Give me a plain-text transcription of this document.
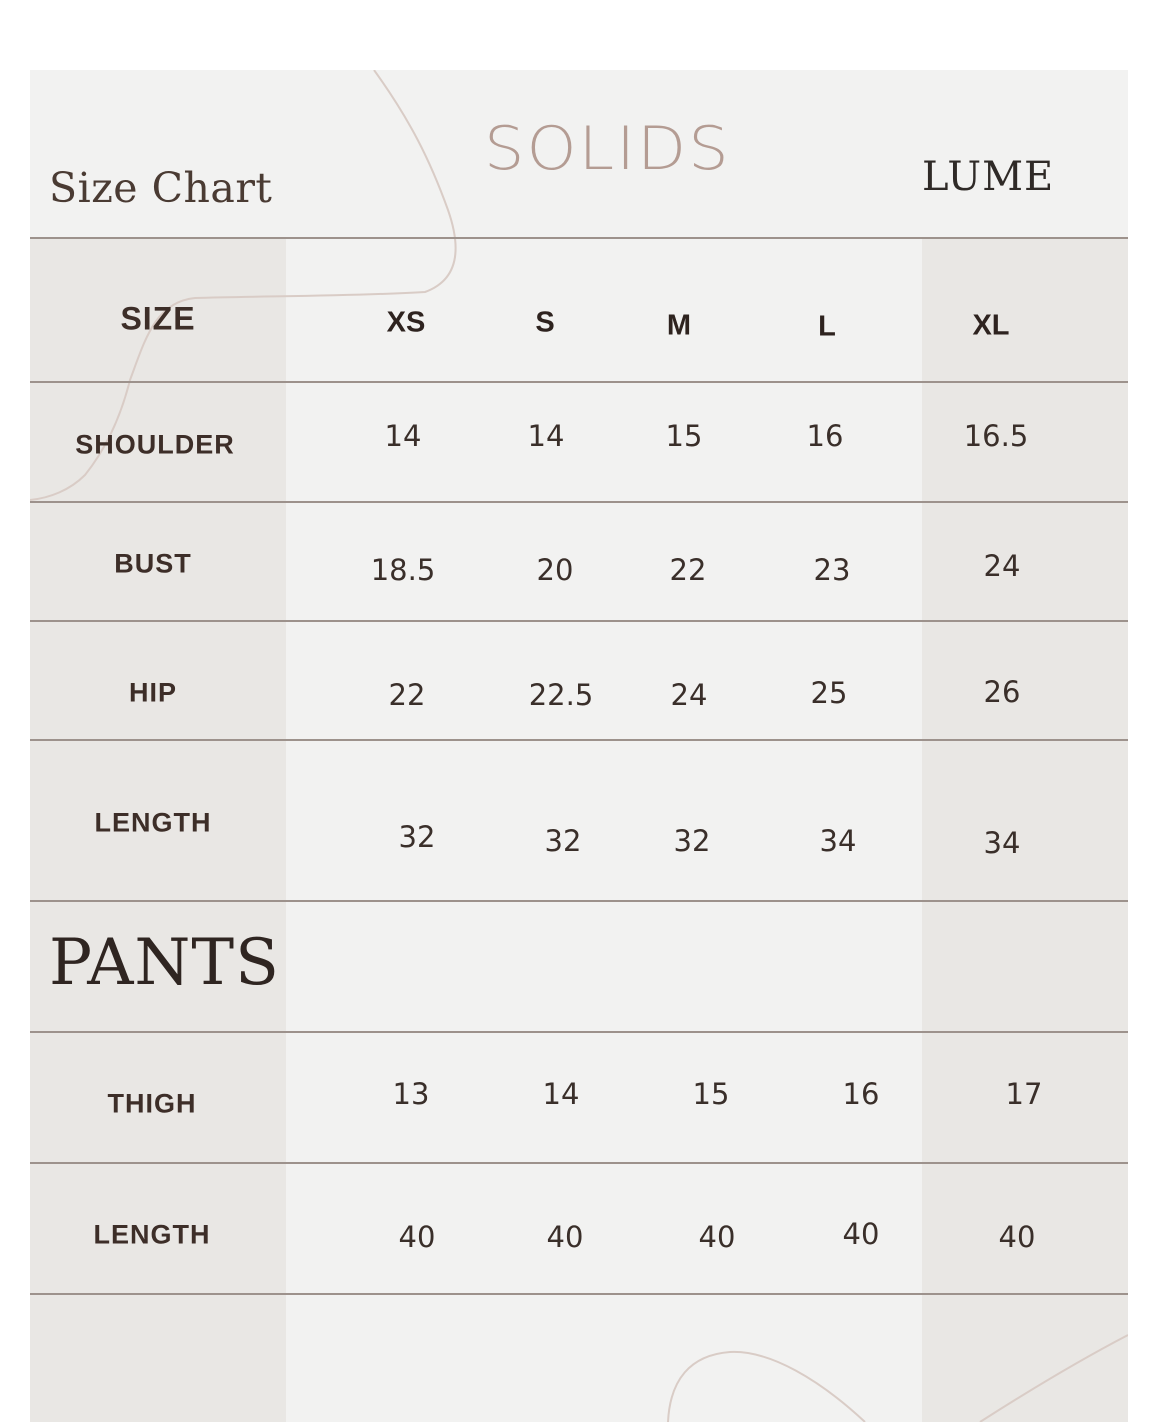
Size Chart
SOLIDS	LUME
PANTS
SIZE	XS	S	M	L	XL
SHOULDER	14	14	15	16	16.5
BUST	18.5	20	22	23	24
HIP	22	22.5	24	25	26
LENGTH	32	32	32	34	34
THIGH	13	14	15	16	17
LENGTH	40	40	40	40	40
